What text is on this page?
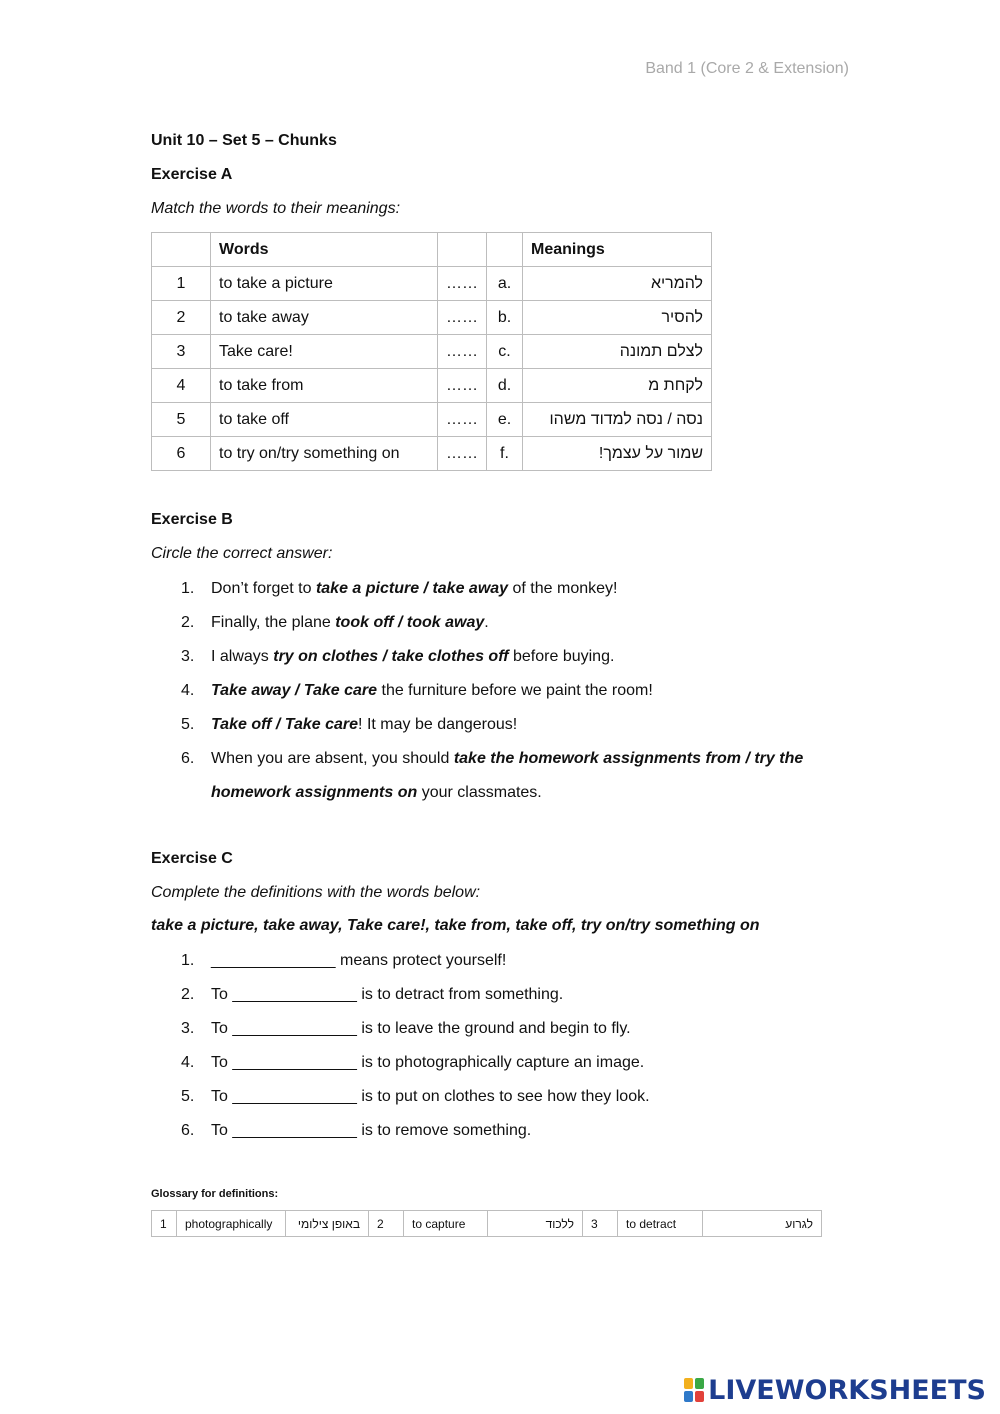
Band 1 (Core 2 & Extension)
Unit 10 – Set 5 – Chunks
Exercise A
Match the words to their meanings:
	Words			Meanings
1	to take a picture	……	a.	להמריא
2	to take away	……	b.	להסיר
3	Take care!	……	c.	לצלם תמונה
4	to take from	……	d.	לקחת מ
5	to take off	……	e.	נסה / נסה למדוד משהו
6	to try on/try something on	……	f.	שמור על עצמך!
Exercise B
Circle the correct answer:
1.	Don’t forget to take a picture / take away of the monkey!
2.	Finally, the plane took off / took away.
3.	I always try on clothes / take clothes off before buying.
4.	Take away / Take care the furniture before we paint the room!
5.	Take off / Take care! It may be dangerous!
6.	When you are absent, you should take the homework assignments from / try the homework assignments on your classmates.
Exercise C
Complete the definitions with the words below:
take a picture, take away, Take care!, take from, take off, try on/try something on
1.	______________ means protect yourself!
2.	To ______________ is to detract from something.
3.	To ______________ is to leave the ground and begin to fly.
4.	To ______________ is to photographically capture an image.
5.	To ______________ is to put on clothes to see how they look.
6.	To ______________ is to remove something.
Glossary for definitions:
1	photographically	באופן צילומי	2	to capture	ללכוד	3	to detract	לגרוע
LIVEWORKSHEETS
